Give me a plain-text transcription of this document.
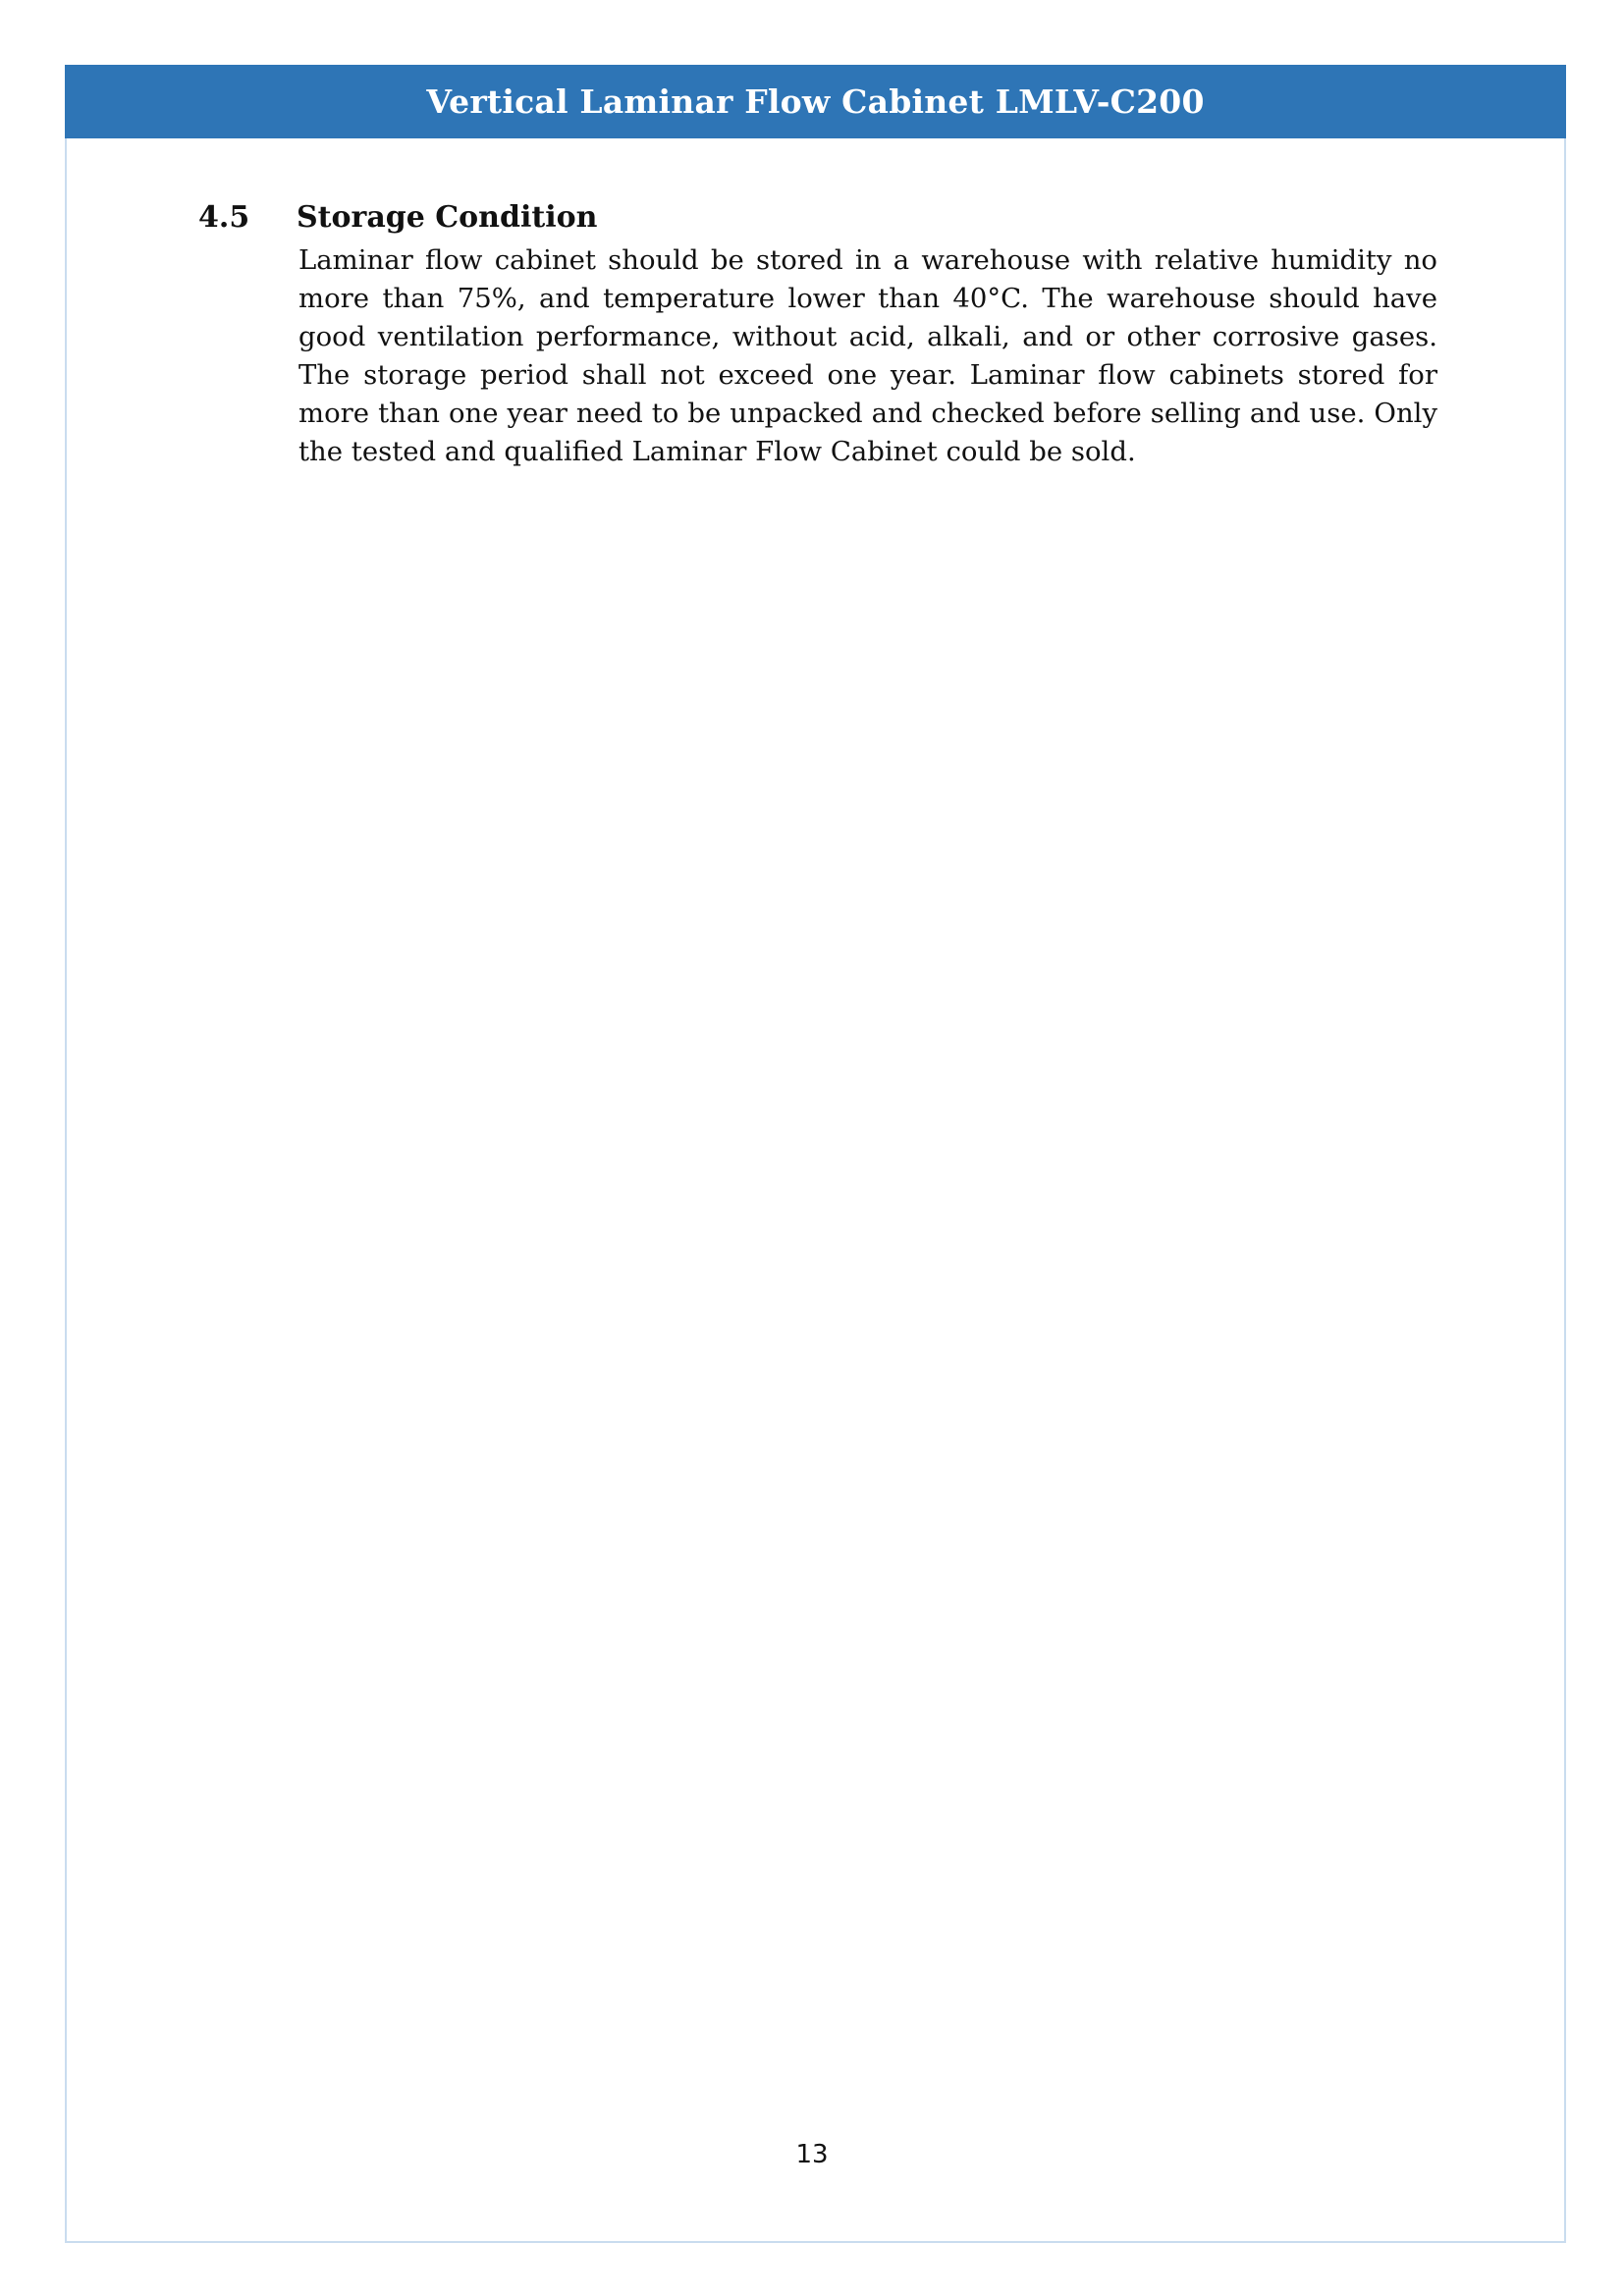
Vertical Laminar Flow Cabinet LMLV-C200
4.5	Storage Condition
Laminar flow cabinet should be stored in a warehouse with relative humidity no more than 75%, and temperature lower than 40°C. The warehouse should have good ventilation performance, without acid, alkali, and or other corrosive gases. The storage period shall not exceed one year. Laminar flow cabinets stored for more than one year need to be unpacked and checked before selling and use. Only the tested and qualified Laminar Flow Cabinet could be sold.
13
